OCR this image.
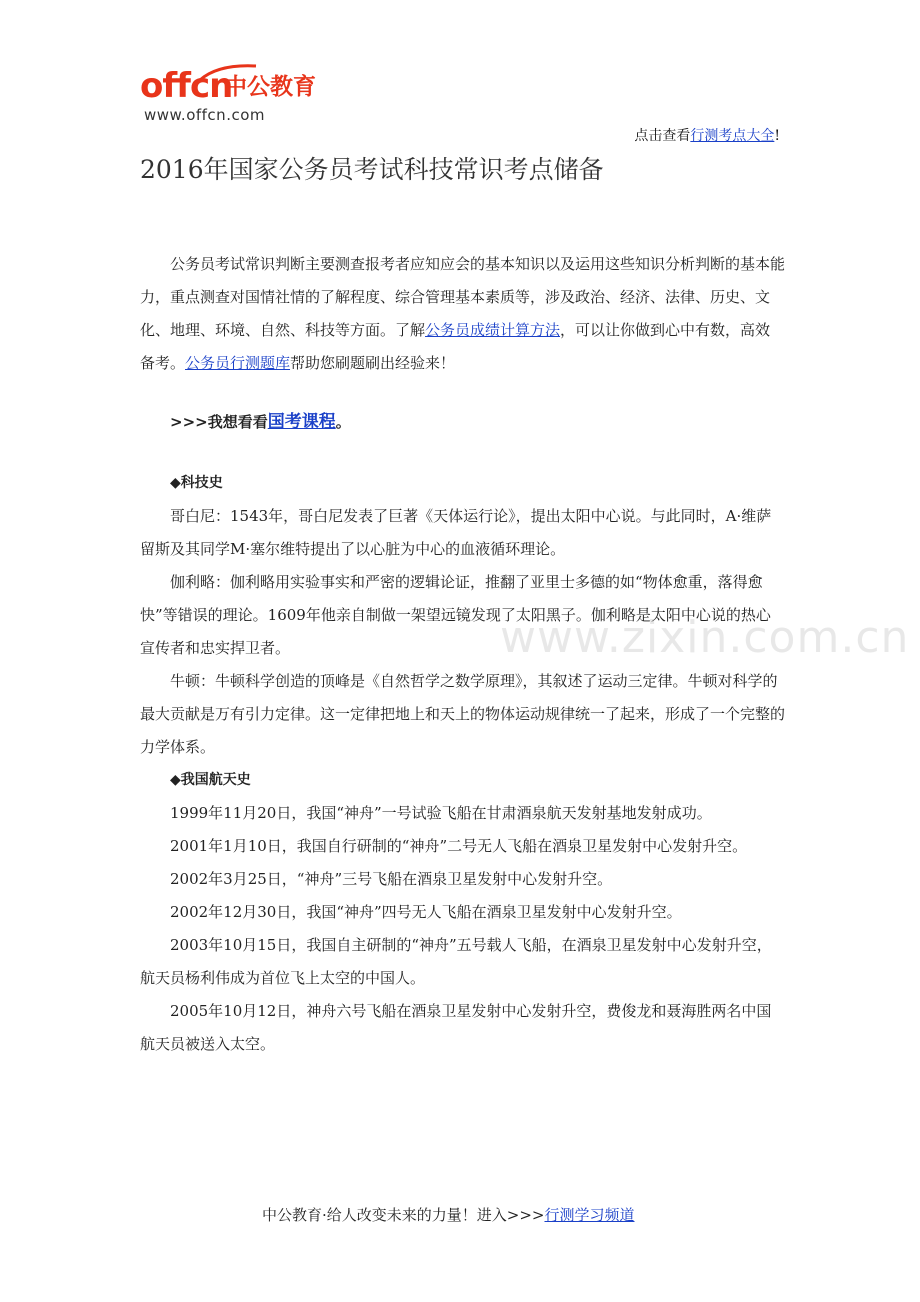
offcn
中公教育
www.offcn.com
点击查看行测考点大全!
2016年国家公务员考试科技常识考点储备
www.zixin.com.cn

公务员考试常识判断主要测查报考者应知应会的基本知识以及运用这些知识分析判断的基本能力，重点测查对国情社情的了解程度、综合管理基本素质等，涉及政治、经济、法律、历史、文化、地理、环境、自然、科技等方面。了解公务员成绩计算方法，可以让你做到心中有数，高效备考。公务员行测题库帮助您刷题刷出经验来！

>>>我想看看国考课程。
◆科技史

哥白尼：1543年，哥白尼发表了巨著《天体运行论》，提出太阳中心说。与此同时，A·维萨留斯及其同学M·塞尔维特提出了以心脏为中心的血液循环理论。

伽利略：伽利略用实验事实和严密的逻辑论证，推翻了亚里士多德的如“物体愈重，落得愈快”等错误的理论。1609年他亲自制做一架望远镜发现了太阳黑子。伽利略是太阳中心说的热心宣传者和忠实捍卫者。

牛顿：牛顿科学创造的顶峰是《自然哲学之数学原理》，其叙述了运动三定律。牛顿对科学的最大贡献是万有引力定律。这一定律把地上和天上的物体运动规律统一了起来，形成了一个完整的力学体系。

◆我国航天史

1999年11月20日，我国“神舟”一号试验飞船在甘肃酒泉航天发射基地发射成功。

2001年1月10日，我国自行研制的“神舟”二号无人飞船在酒泉卫星发射中心发射升空。

2002年3月25日，“神舟”三号飞船在酒泉卫星发射中心发射升空。

2002年12月30日，我国“神舟”四号无人飞船在酒泉卫星发射中心发射升空。

2003年10月15日，我国自主研制的“神舟”五号载人飞船，在酒泉卫星发射中心发射升空，航天员杨利伟成为首位飞上太空的中国人。

2005年10月12日，神舟六号飞船在酒泉卫星发射中心发射升空，费俊龙和聂海胜两名中国航天员被送入太空。

中公教育·给人改变未来的力量！进入>>>行测学习频道
